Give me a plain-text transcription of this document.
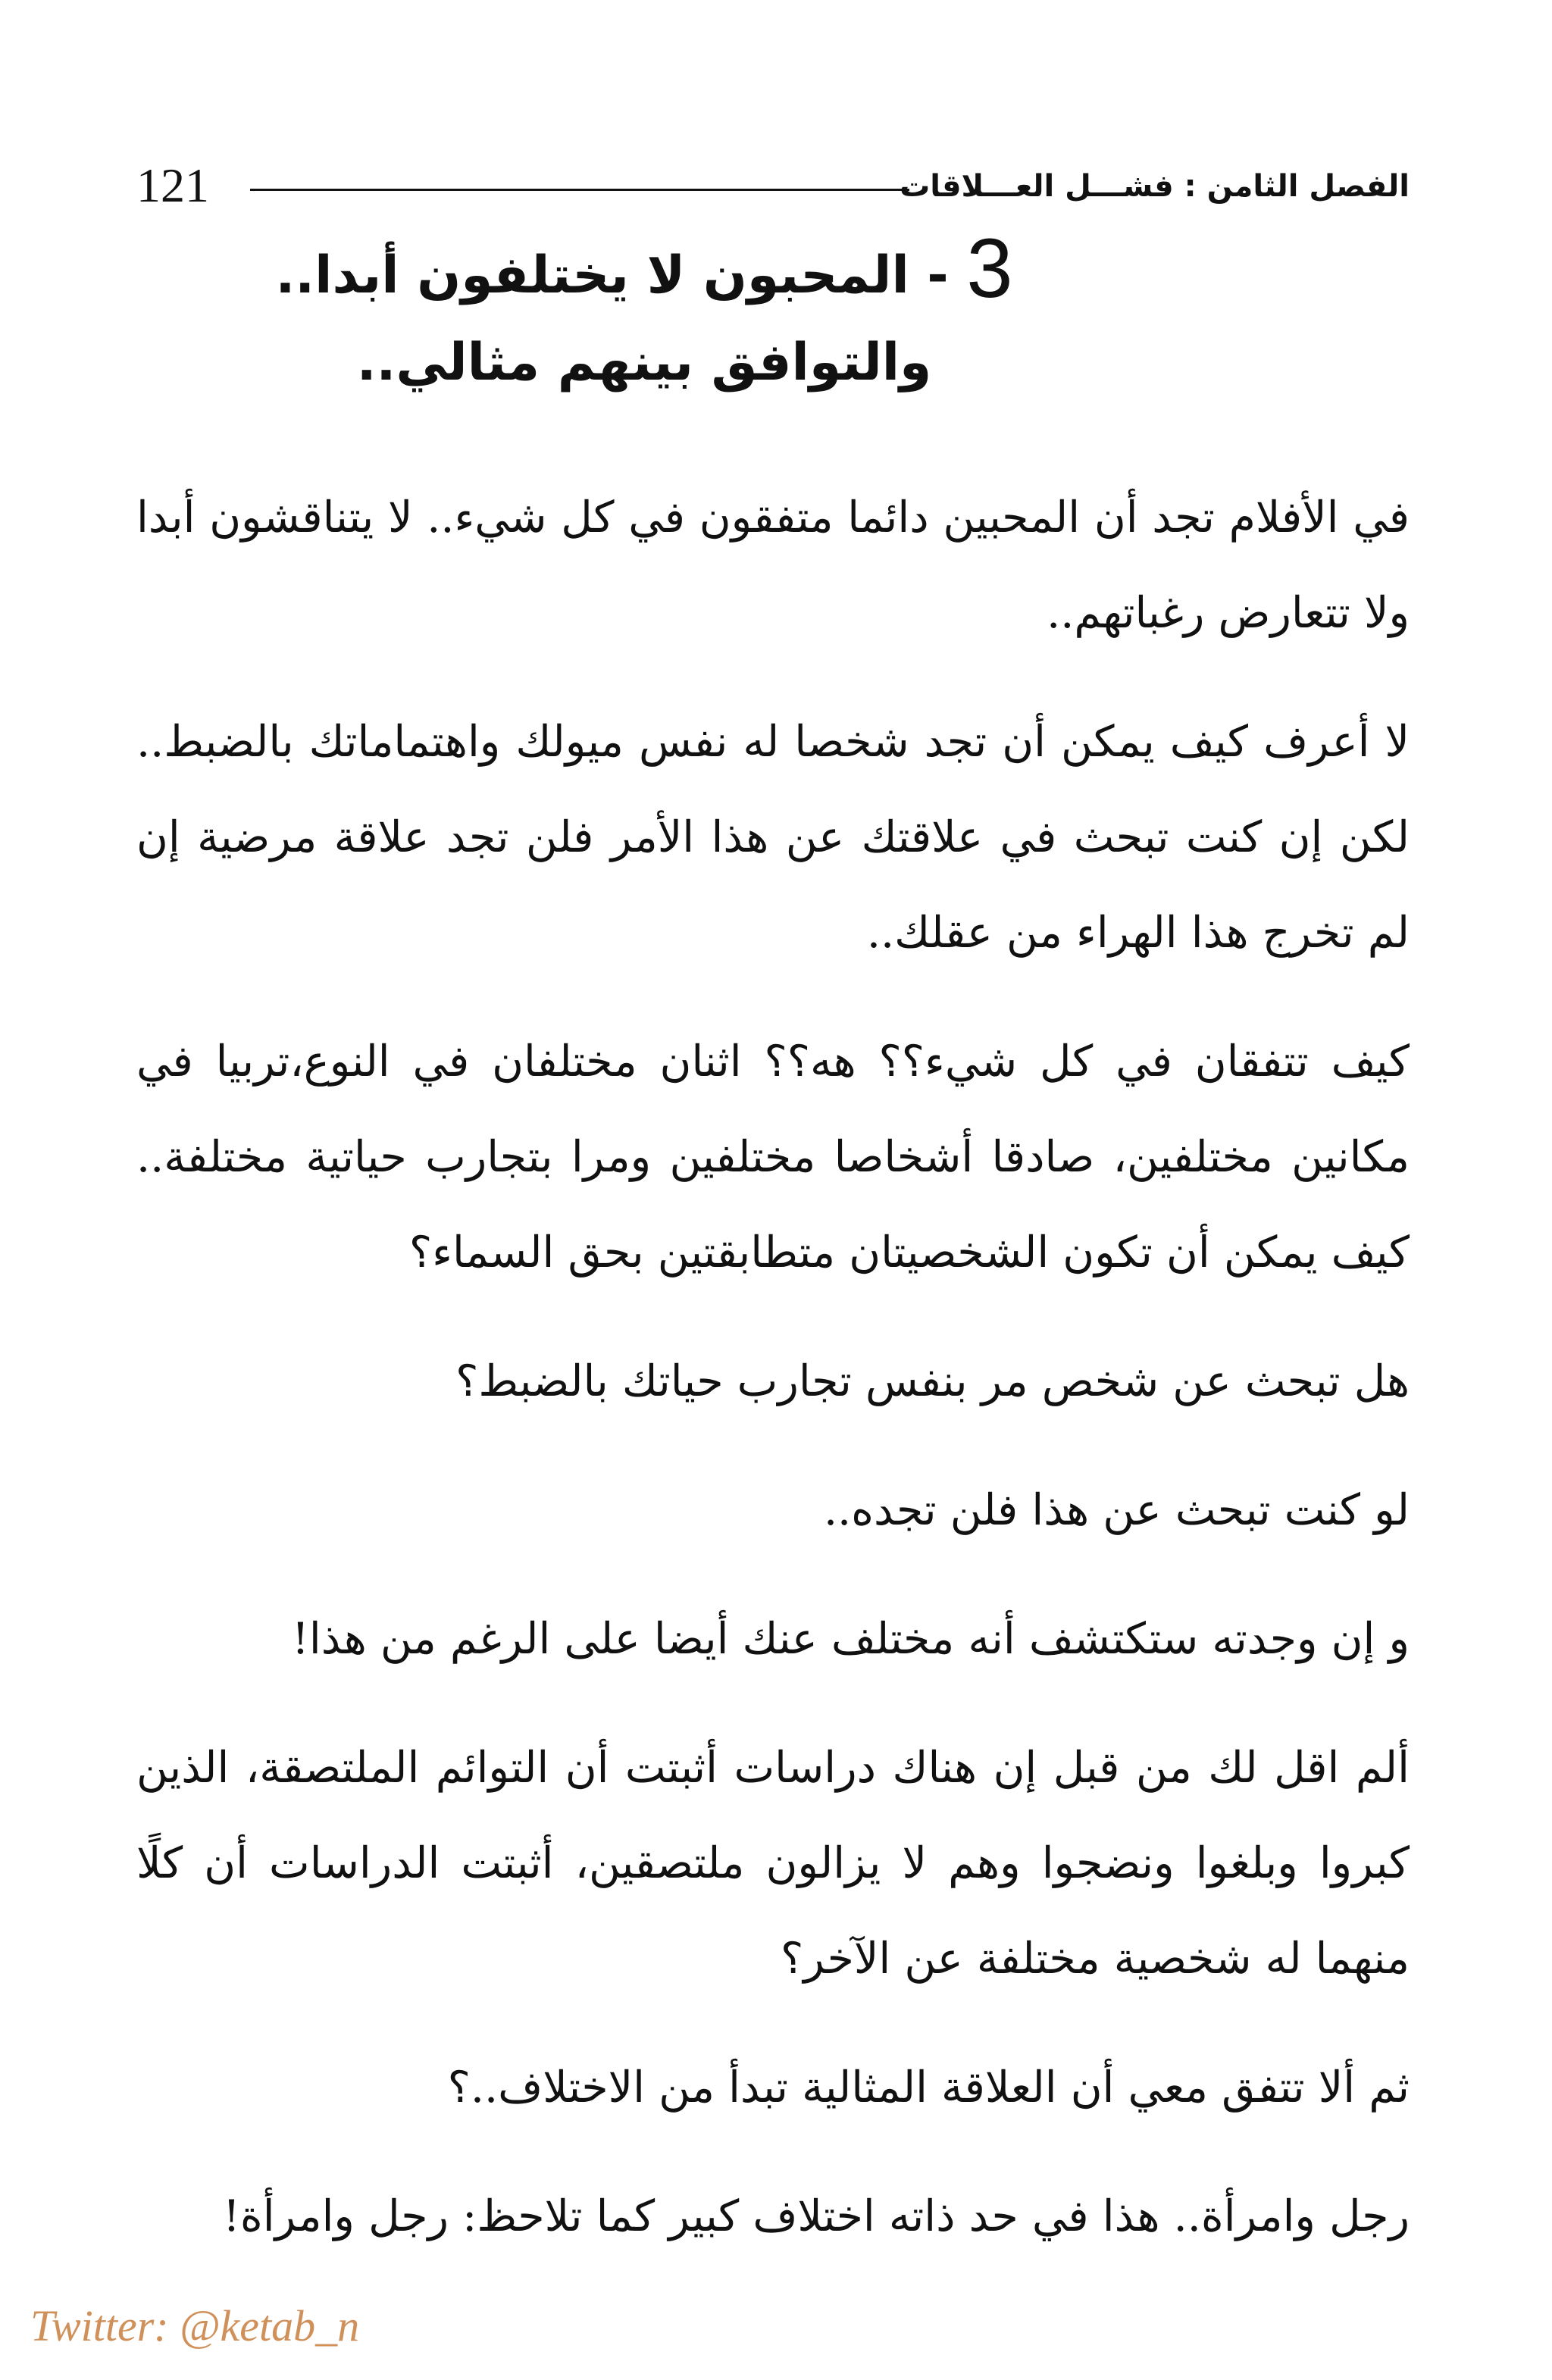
121	الفصل الثامن : فشـــل العـــلاقات
3 - المحبون لا يختلفون أبدا..
والتوافق بينهم مثالي..

في الأفلام تجد أن المحبين دائما متفقون في كل شيء.. لا يتناقشون أبدا ولا تتعارض رغباتهم..

لا أعرف كيف يمكن أن تجد شخصا له نفس ميولك واهتماماتك بالضبط.. لكن إن كنت تبحث في علاقتك عن هذا الأمر فلن تجد علاقة مرضية إن لم تخرج هذا الهراء من عقلك..

كيف تتفقان في كل شيء؟؟ هه؟؟ اثنان مختلفان في النوع،تربيا في مكانين مختلفين، صادقا أشخاصا مختلفين ومرا بتجارب حياتية مختلفة.. كيف يمكن أن تكون الشخصيتان متطابقتين بحق السماء؟

هل تبحث عن شخص مر بنفس تجارب حياتك بالضبط؟

لو كنت تبحث عن هذا فلن تجده..

و إن وجدته ستكتشف أنه مختلف عنك أيضا على الرغم من هذا!

ألم اقل لك من قبل إن هناك دراسات أثبتت أن التوائم الملتصقة، الذين كبروا وبلغوا ونضجوا وهم لا يزالون ملتصقين، أثبتت الدراسات أن كلًا منهما له شخصية مختلفة عن الآخر؟

ثم ألا تتفق معي أن العلاقة المثالية تبدأ من الاختلاف..؟

رجل وامرأة.. هذا في حد ذاته اختلاف كبير كما تلاحظ: رجل وامرأة!

Twitter: @ketab_n
